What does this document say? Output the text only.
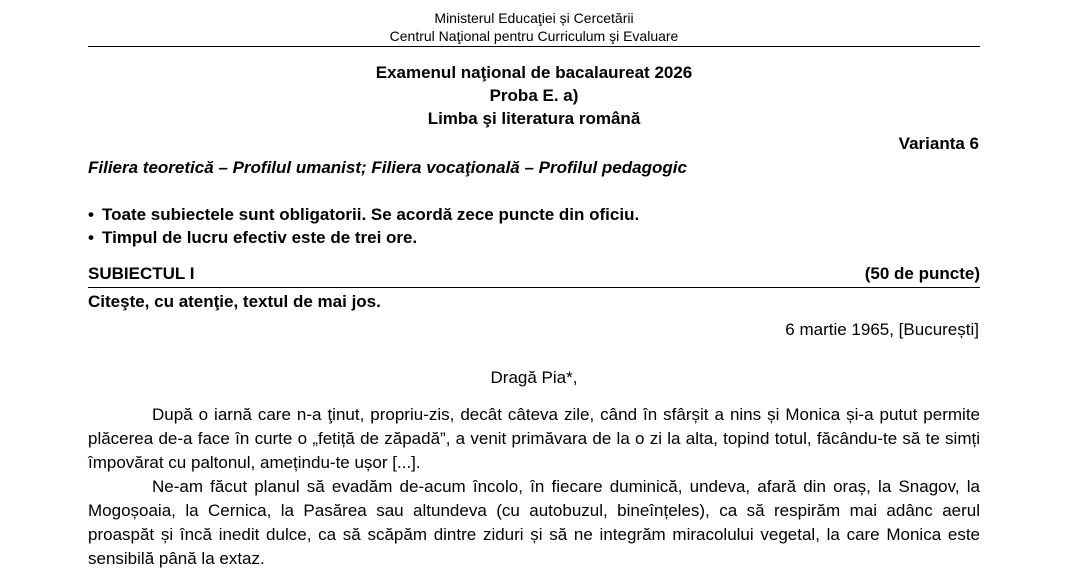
Ministerul Educaţiei și Cercetării
Centrul Naţional pentru Curriculum şi Evaluare
Examenul naţional de bacalaureat 2026
Proba E. a)
Limba şi literatura română
Varianta 6
Filiera teoretică – Profilul umanist; Filiera vocaţională – Profilul pedagogic
• Toate subiectele sunt obligatorii. Se acordă zece puncte din oficiu.
• Timpul de lucru efectiv este de trei ore.
SUBIECTUL I	(50 de puncte)
Citeşte, cu atenţie, textul de mai jos.
6 martie 1965, [București]
Dragă Pia*,

După o iarnă care n-a ţinut, propriu-zis, decât câteva zile, când în sfârșit a nins și Monica și-a putut permite plăcerea de-a face în curte o „fetiță de zăpadă”, a venit primăvara de la o zi la alta, topind totul, făcându-te să te simți împovărat cu paltonul, amețindu-te ușor [...].

Ne-am făcut planul să evadăm de-acum încolo, în fiecare duminică, undeva, afară din oraș, la Snagov, la Mogoșoaia, la Cernica, la Pasărea sau altundeva (cu autobuzul, bineînțeles), ca să respirăm mai adânc aerul proaspăt și încă inedit dulce, ca să scăpăm dintre ziduri și să ne integrăm miracolului vegetal, la care Monica este sensibilă până la extaz.
